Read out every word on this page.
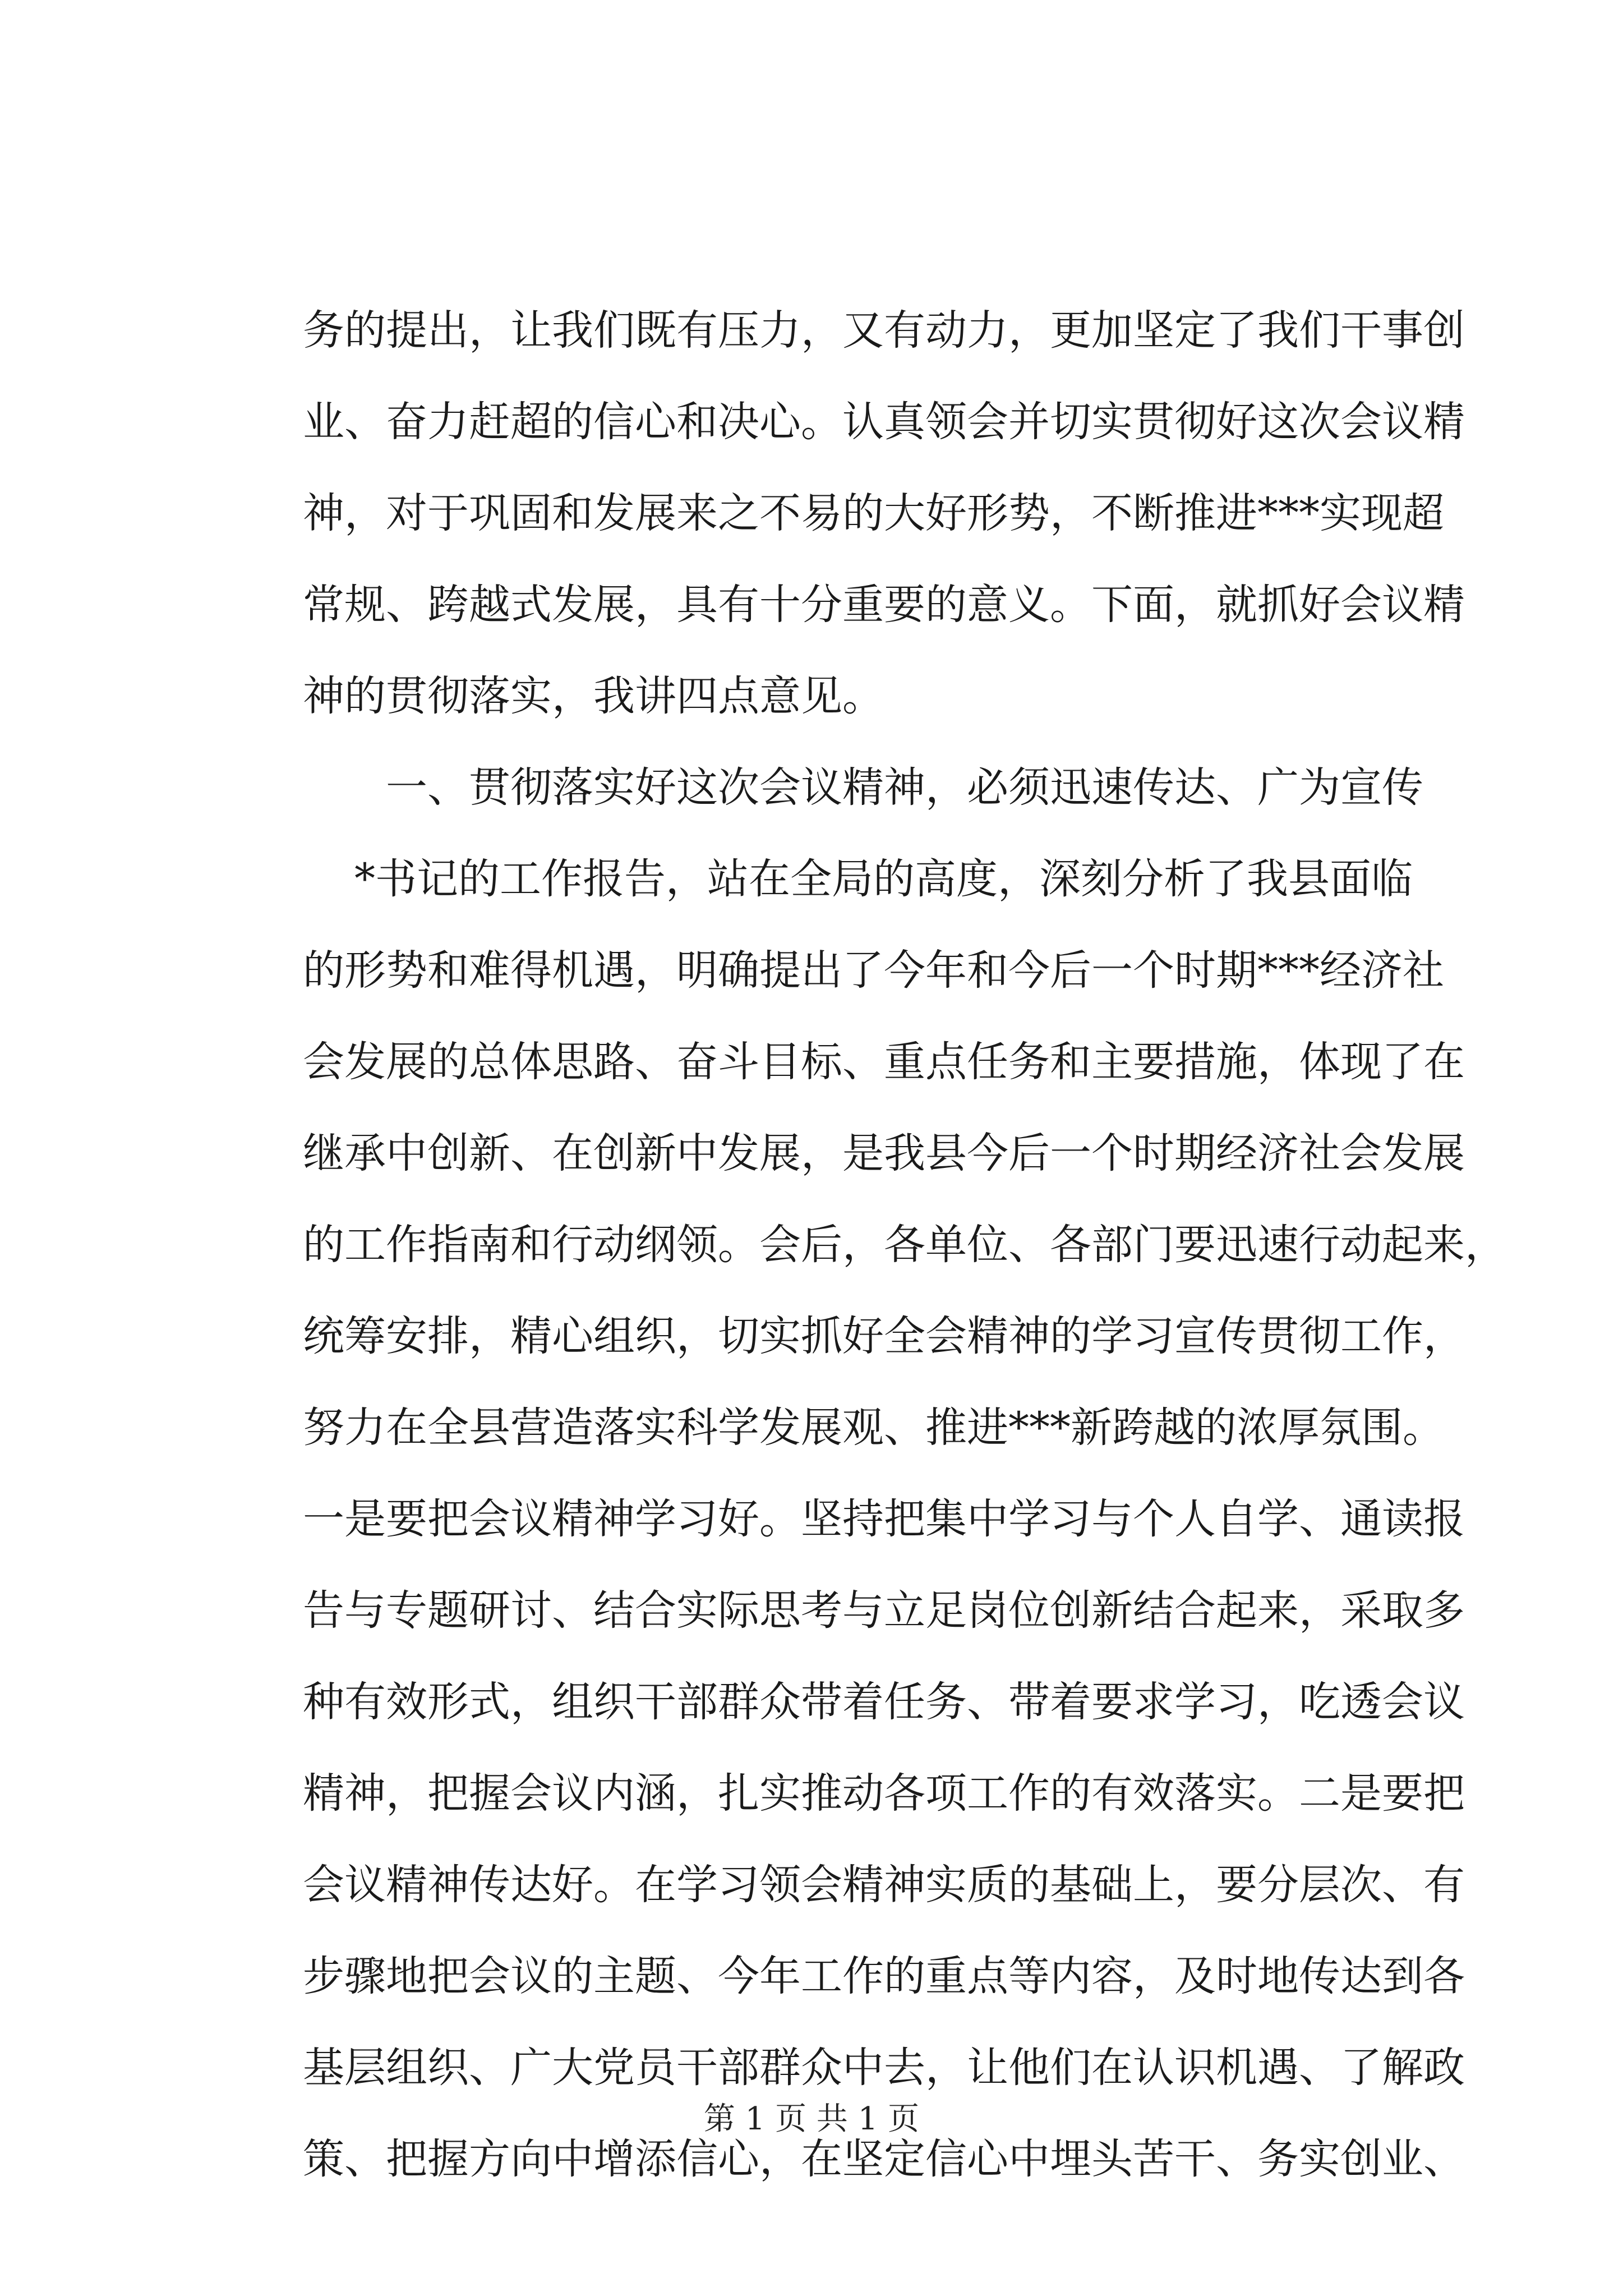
务的提出，让我们既有压力，又有动力，更加坚定了我们干事创
业、奋力赶超的信心和决心。认真领会并切实贯彻好这次会议精
神，对于巩固和发展来之不易的大好形势，不断推进***实现超
常规、跨越式发展，具有十分重要的意义。下面，就抓好会议精
神的贯彻落实，我讲四点意见。
一、贯彻落实好这次会议精神，必须迅速传达、广为宣传
*书记的工作报告，站在全局的高度，深刻分析了我县面临
的形势和难得机遇，明确提出了今年和今后一个时期***经济社
会发展的总体思路、奋斗目标、重点任务和主要措施，体现了在
继承中创新、在创新中发展，是我县今后一个时期经济社会发展
的工作指南和行动纲领。会后，各单位、各部门要迅速行动起来，
统筹安排，精心组织，切实抓好全会精神的学习宣传贯彻工作，
努力在全县营造落实科学发展观、推进***新跨越的浓厚氛围。
一是要把会议精神学习好。坚持把集中学习与个人自学、通读报
告与专题研讨、结合实际思考与立足岗位创新结合起来，采取多
种有效形式，组织干部群众带着任务、带着要求学习，吃透会议
精神，把握会议内涵，扎实推动各项工作的有效落实。二是要把
会议精神传达好。在学习领会精神实质的基础上，要分层次、有
步骤地把会议的主题、今年工作的重点等内容，及时地传达到各
基层组织、广大党员干部群众中去，让他们在认识机遇、了解政
策、把握方向中增添信心，在坚定信心中埋头苦干、务实创业、
第 1 页 共 1 页
